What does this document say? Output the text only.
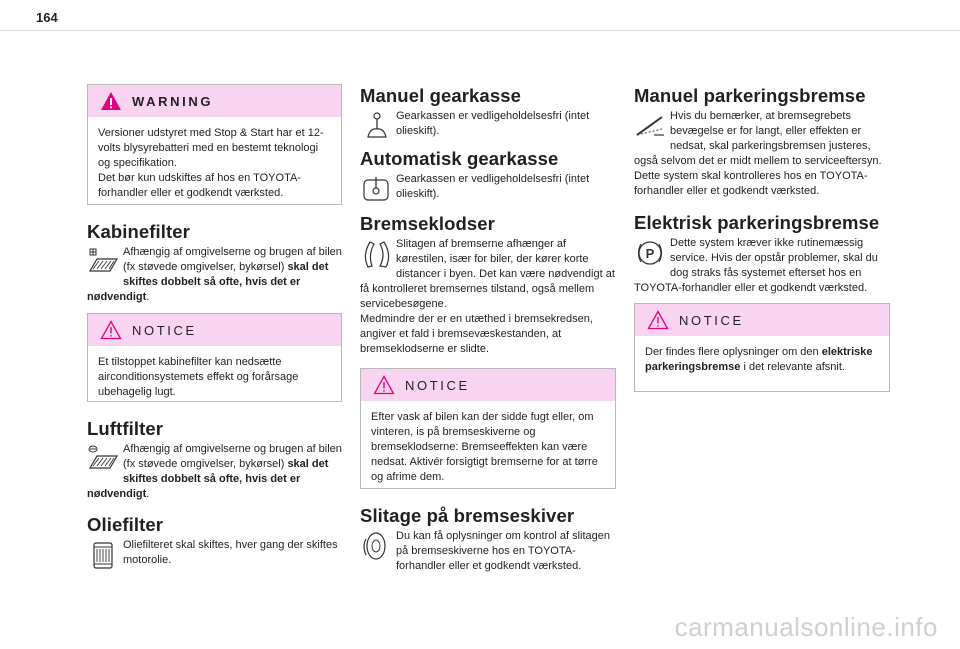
164
WARNING

Versioner udstyret med Stop & Start har et 12-volts blysyrebatteri med en bestemt teknologi og specifikation.

Det bør kun udskiftes af hos en TOYOTA-forhandler eller et godkendt værksted.

Kabinefilter
Afhængig af omgivelserne og brugen af bilen (fx støvede omgivelser, bykørsel) skal det skiftes dobbelt så ofte, hvis det er nødvendigt.
NOTICE

Et tilstoppet kabinefilter kan nedsætte airconditionsystemets effekt og forårsage ubehagelig lugt.

Luftfilter
Afhængig af omgivelserne og brugen af bilen (fx støvede omgivelser, bykørsel) skal det skiftes dobbelt så ofte, hvis det er nødvendigt.
Oliefilter
Oliefilteret skal skiftes, hver gang der skiftes motorolie.
Manuel gearkasse
Gearkassen er vedligeholdelsesfri (intet olieskift).
Automatisk gearkasse
Gearkassen er vedligeholdelsesfri (intet olieskift).
Bremseklodser
Slitagen af bremserne afhænger af kørestilen, især for biler, der kører korte distancer i byen. Det kan være nødvendigt at få kontrolleret bremsernes tilstand, også mellem servicebesøgene.
Medmindre der er en utæthed i bremsekredsen, angiver et fald i bremsevæskestanden, at bremseklodserne er slidte.
NOTICE

Efter vask af bilen kan der sidde fugt eller, om vinteren, is på bremseskiverne og bremseklodserne: Bremseeffekten kan være nedsat. Aktivér forsigtigt bremserne for at tørre og afrime dem.

Slitage på bremseskiver
Du kan få oplysninger om kontrol af slitagen på bremseskiverne hos en TOYOTA-forhandler eller et godkendt værksted.
Manuel parkeringsbremse
Hvis du bemærker, at bremsegrebets bevægelse er for langt, eller effekten er nedsat, skal parkeringsbremsen justeres, også selvom det er midt mellem to serviceeftersyn.
Dette system skal kontrolleres hos en TOYOTA-forhandler eller et godkendt værksted.
Elektrisk parkeringsbremse
P
Dette system kræver ikke rutinemæssig service. Hvis der opstår problemer, skal du dog straks fås systemet efterset hos en TOYOTA-forhandler eller et godkendt værksted.
NOTICE
Der findes flere oplysninger om den elektriske parkeringsbremse i det relevante afsnit.
carmanualsonline.info
